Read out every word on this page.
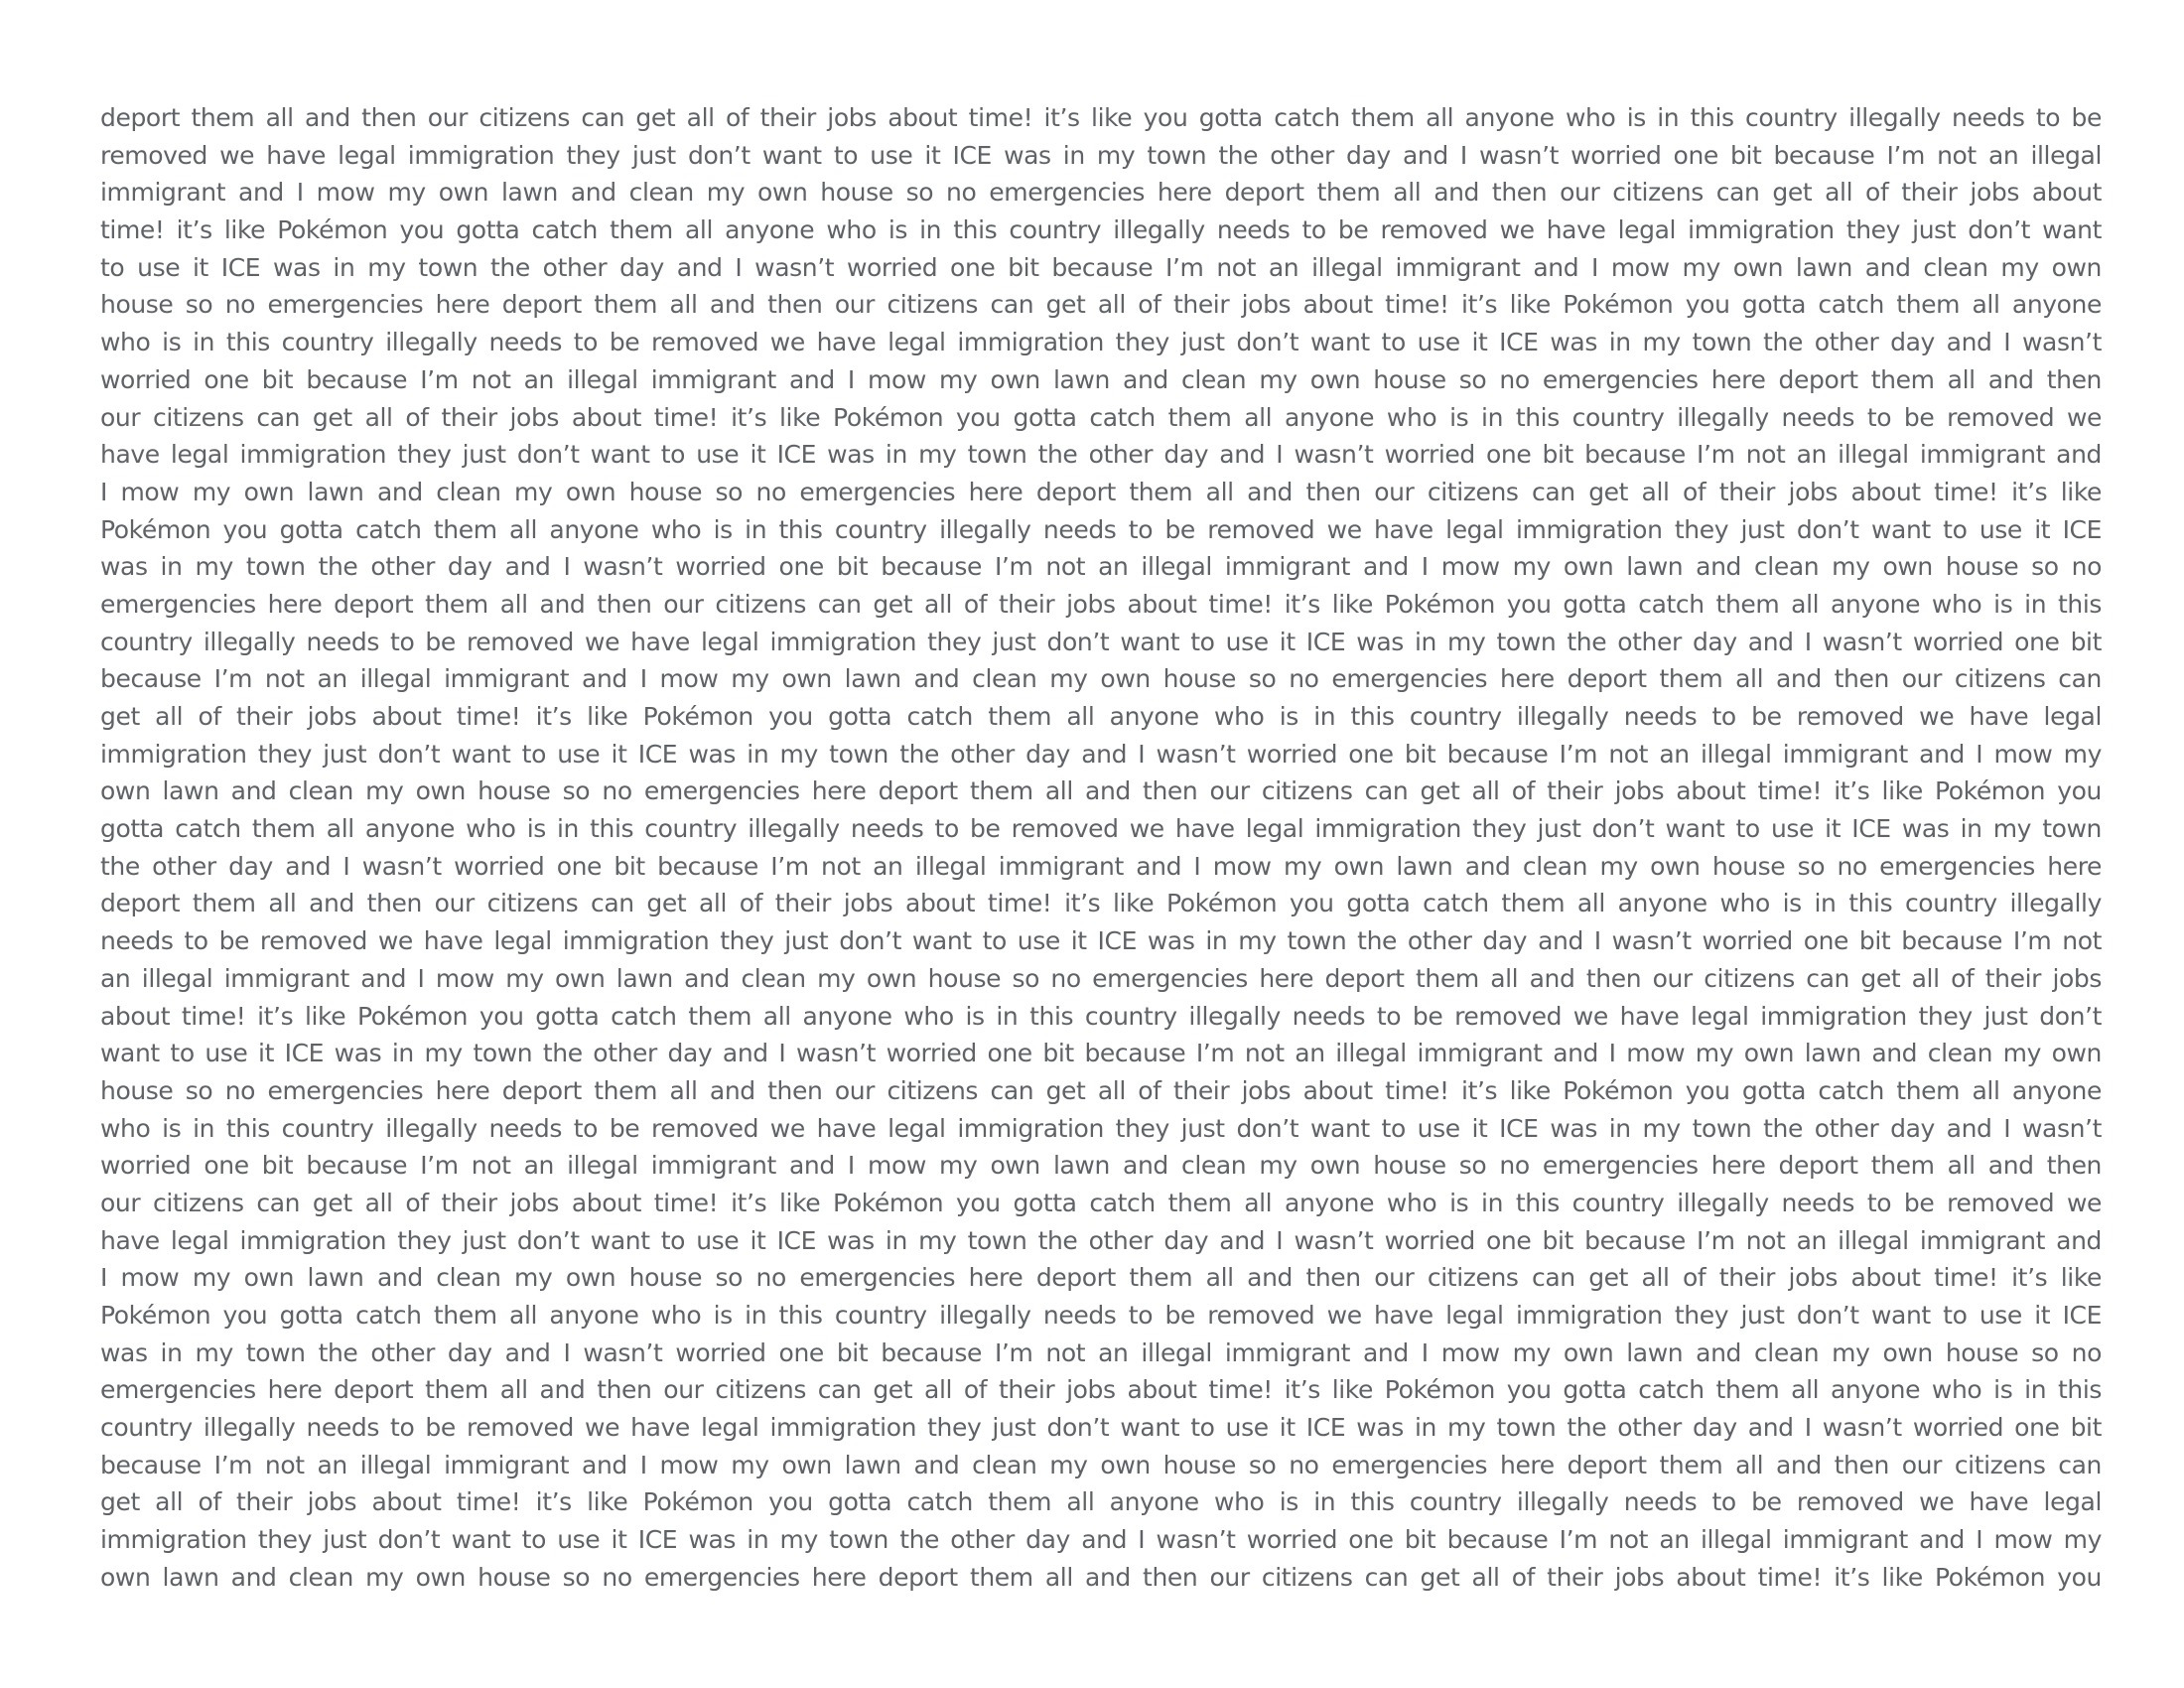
deport them all and then our citizens can get all of their jobs about time! it’s like you gotta catch them all anyone who is in this country illegally needs to be
removed we have legal immigration they just don’t want to use it ICE was in my town the other day and I wasn’t worried one bit because I’m not an illegal
immigrant and I mow my own lawn and clean my own house so no emergencies here deport them all and then our citizens can get all of their jobs about
time! it’s like Pokémon you gotta catch them all anyone who is in this country illegally needs to be removed we have legal immigration they just don’t want
to use it ICE was in my town the other day and I wasn’t worried one bit because I’m not an illegal immigrant and I mow my own lawn and clean my own
house so no emergencies here deport them all and then our citizens can get all of their jobs about time! it’s like Pokémon you gotta catch them all anyone
who is in this country illegally needs to be removed we have legal immigration they just don’t want to use it ICE was in my town the other day and I wasn’t
worried one bit because I’m not an illegal immigrant and I mow my own lawn and clean my own house so no emergencies here deport them all and then
our citizens can get all of their jobs about time! it’s like Pokémon you gotta catch them all anyone who is in this country illegally needs to be removed we
have legal immigration they just don’t want to use it ICE was in my town the other day and I wasn’t worried one bit because I’m not an illegal immigrant and
I mow my own lawn and clean my own house so no emergencies here deport them all and then our citizens can get all of their jobs about time! it’s like
Pokémon you gotta catch them all anyone who is in this country illegally needs to be removed we have legal immigration they just don’t want to use it ICE
was in my town the other day and I wasn’t worried one bit because I’m not an illegal immigrant and I mow my own lawn and clean my own house so no
emergencies here deport them all and then our citizens can get all of their jobs about time! it’s like Pokémon you gotta catch them all anyone who is in this
country illegally needs to be removed we have legal immigration they just don’t want to use it ICE was in my town the other day and I wasn’t worried one bit
because I’m not an illegal immigrant and I mow my own lawn and clean my own house so no emergencies here deport them all and then our citizens can
get all of their jobs about time! it’s like Pokémon you gotta catch them all anyone who is in this country illegally needs to be removed we have legal
immigration they just don’t want to use it ICE was in my town the other day and I wasn’t worried one bit because I’m not an illegal immigrant and I mow my
own lawn and clean my own house so no emergencies here deport them all and then our citizens can get all of their jobs about time! it’s like Pokémon you
gotta catch them all anyone who is in this country illegally needs to be removed we have legal immigration they just don’t want to use it ICE was in my town
the other day and I wasn’t worried one bit because I’m not an illegal immigrant and I mow my own lawn and clean my own house so no emergencies here
deport them all and then our citizens can get all of their jobs about time! it’s like Pokémon you gotta catch them all anyone who is in this country illegally
needs to be removed we have legal immigration they just don’t want to use it ICE was in my town the other day and I wasn’t worried one bit because I’m not
an illegal immigrant and I mow my own lawn and clean my own house so no emergencies here deport them all and then our citizens can get all of their jobs
about time! it’s like Pokémon you gotta catch them all anyone who is in this country illegally needs to be removed we have legal immigration they just don’t
want to use it ICE was in my town the other day and I wasn’t worried one bit because I’m not an illegal immigrant and I mow my own lawn and clean my own
house so no emergencies here deport them all and then our citizens can get all of their jobs about time! it’s like Pokémon you gotta catch them all anyone
who is in this country illegally needs to be removed we have legal immigration they just don’t want to use it ICE was in my town the other day and I wasn’t
worried one bit because I’m not an illegal immigrant and I mow my own lawn and clean my own house so no emergencies here deport them all and then
our citizens can get all of their jobs about time! it’s like Pokémon you gotta catch them all anyone who is in this country illegally needs to be removed we
have legal immigration they just don’t want to use it ICE was in my town the other day and I wasn’t worried one bit because I’m not an illegal immigrant and
I mow my own lawn and clean my own house so no emergencies here deport them all and then our citizens can get all of their jobs about time! it’s like
Pokémon you gotta catch them all anyone who is in this country illegally needs to be removed we have legal immigration they just don’t want to use it ICE
was in my town the other day and I wasn’t worried one bit because I’m not an illegal immigrant and I mow my own lawn and clean my own house so no
emergencies here deport them all and then our citizens can get all of their jobs about time! it’s like Pokémon you gotta catch them all anyone who is in this
country illegally needs to be removed we have legal immigration they just don’t want to use it ICE was in my town the other day and I wasn’t worried one bit
because I’m not an illegal immigrant and I mow my own lawn and clean my own house so no emergencies here deport them all and then our citizens can
get all of their jobs about time! it’s like Pokémon you gotta catch them all anyone who is in this country illegally needs to be removed we have legal
immigration they just don’t want to use it ICE was in my town the other day and I wasn’t worried one bit because I’m not an illegal immigrant and I mow my
own lawn and clean my own house so no emergencies here deport them all and then our citizens can get all of their jobs about time! it’s like Pokémon you
